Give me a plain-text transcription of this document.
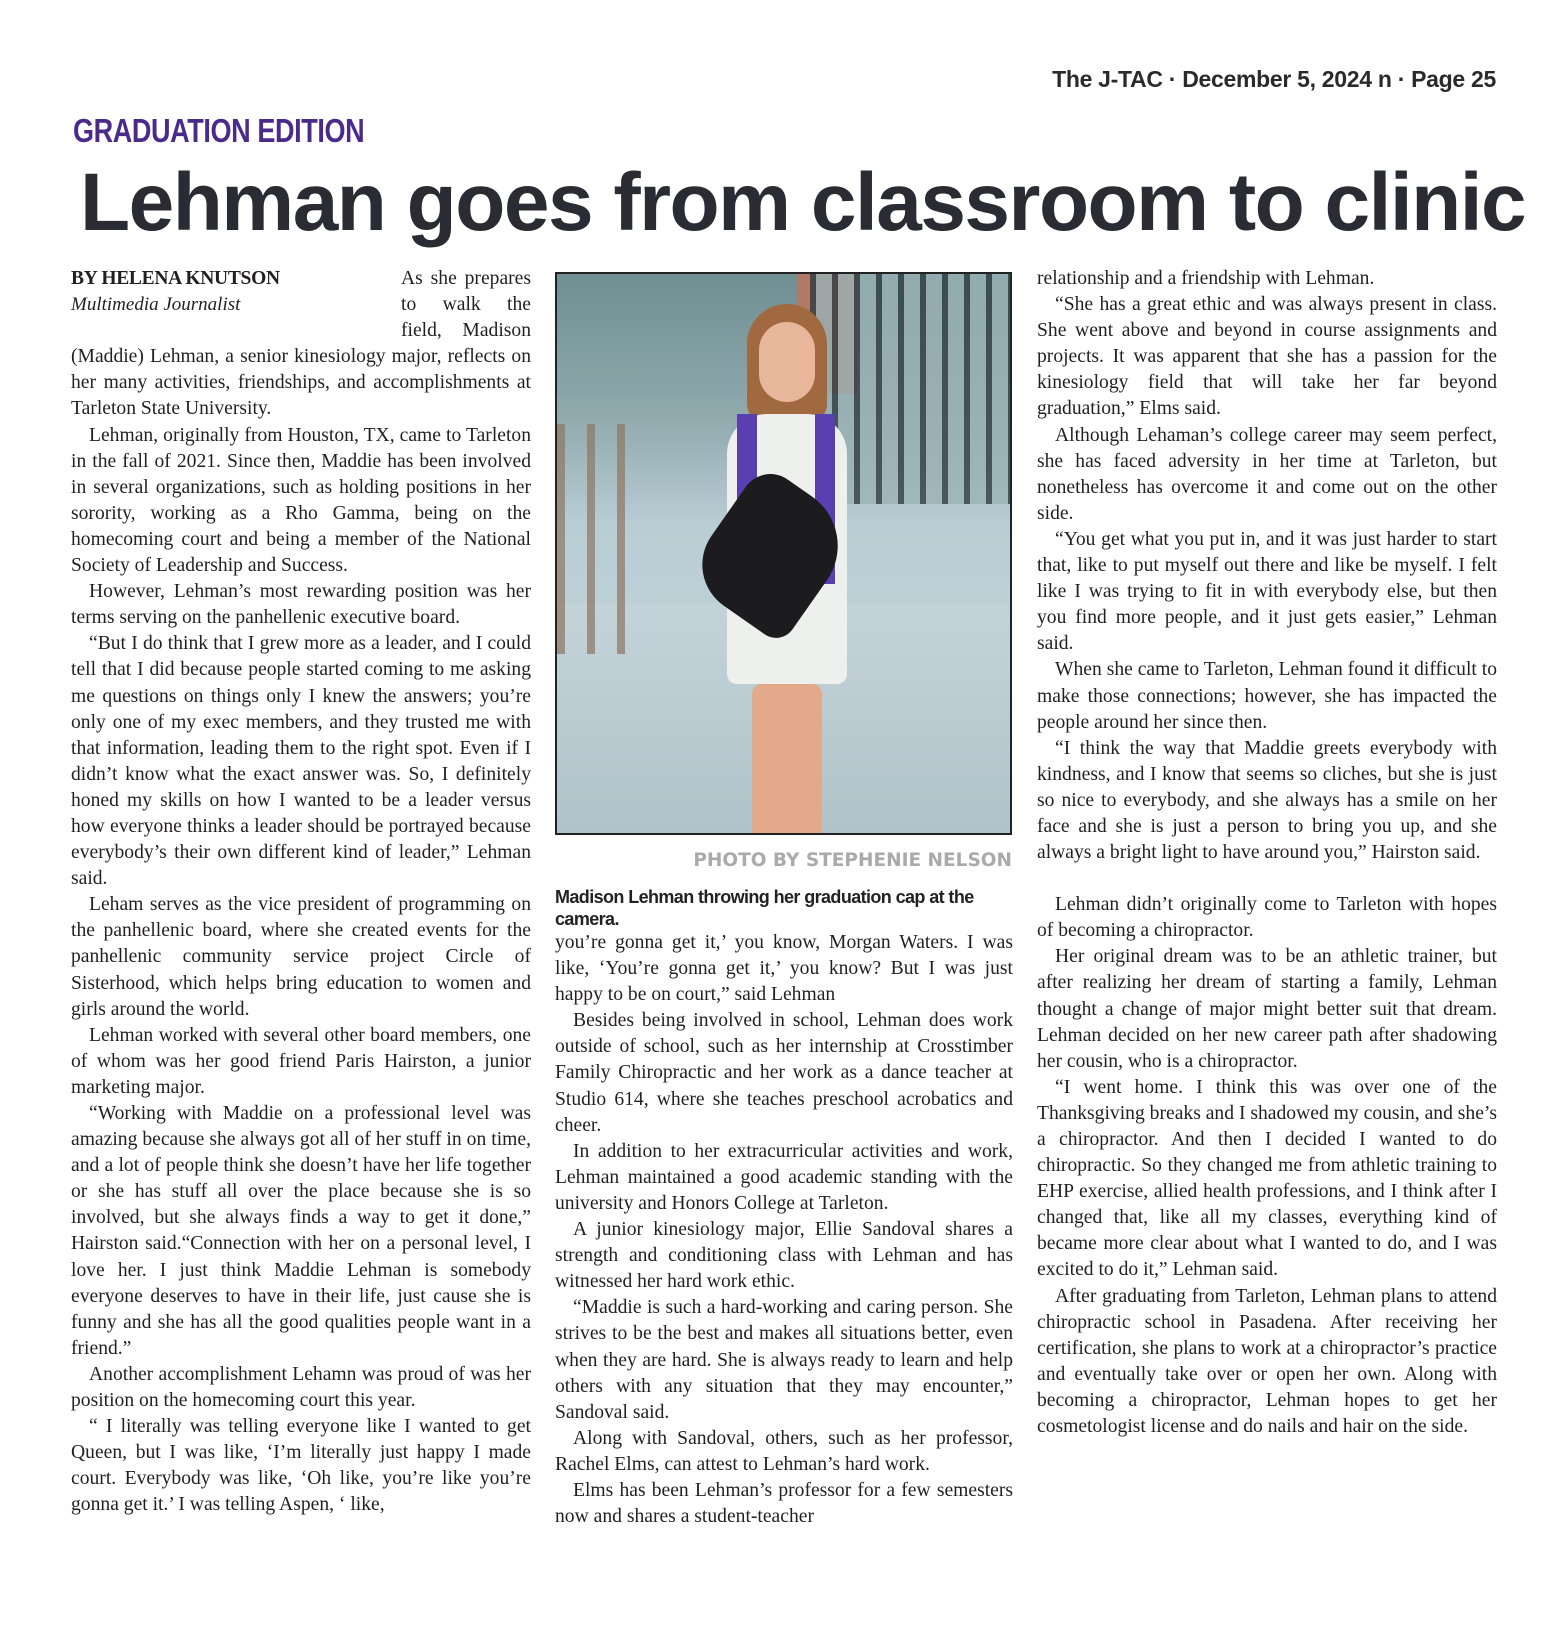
The J-TAC · December 5, 2024 n · Page 25
GRADUATION EDITION
Lehman goes from classroom to clinic
BY HELENA KNUTSON
Multimedia Journalist

As she prepares to walk the field, Madison (Maddie) Lehman, a senior kinesiology major, reflects on her many activities, friendships, and accomplishments at Tarleton State University.

Lehman, originally from Houston, TX, came to Tarleton in the fall of 2021. Since then, Maddie has been involved in several organizations, such as holding positions in her sorority, working as a Rho Gamma, being on the homecoming court and being a member of the National Society of Leadership and Success.

However, Lehman’s most rewarding position was her terms serving on the panhellenic executive board.

“But I do think that I grew more as a leader, and I could tell that I did because people started coming to me asking me questions on things only I knew the answers; you’re only one of my exec members, and they trusted me with that information, leading them to the right spot. Even if I didn’t know what the exact answer was. So, I definitely honed my skills on how I wanted to be a leader versus how everyone thinks a leader should be portrayed because everybody’s their own different kind of leader,” Lehman said.

Leham serves as the vice president of programming on the panhellenic board, where she created events for the panhellenic community service project Circle of Sisterhood, which helps bring education to women and girls around the world.

Lehman worked with several other board members, one of whom was her good friend Paris Hairston, a junior marketing major.

“Working with Maddie on a professional level was amazing because she always got all of her stuff in on time, and a lot of people think she doesn’t have her life together or she has stuff all over the place because she is so involved, but she always finds a way to get it done,” Hairston said.“Connection with her on a personal level, I love her. I just think Maddie Lehman is somebody everyone deserves to have in their life, just cause she is funny and she has all the good qualities people want in a friend.”

Another accomplishment Lehamn was proud of was her position on the homecoming court this year.

“ I literally was telling everyone like I wanted to get Queen, but I was like, ‘I’m literally just happy I made court. Everybody was like, ‘Oh like, you’re like you’re gonna get it.’ I was telling Aspen, ‘ like,

PHOTO BY STEPHENIE NELSON
Madison Lehman throwing her graduation cap at the camera.

you’re gonna get it,’ you know, Morgan Waters. I was like, ‘You’re gonna get it,’ you know? But I was just happy to be on court,” said Lehman

Besides being involved in school, Lehman does work outside of school, such as her internship at Crosstimber Family Chiropractic and her work as a dance teacher at Studio 614, where she teaches preschool acrobatics and cheer.

In addition to her extracurricular activities and work, Lehman maintained a good academic standing with the university and Honors College at Tarleton.

A junior kinesiology major, Ellie Sandoval shares a strength and conditioning class with Lehman and has witnessed her hard work ethic.

“Maddie is such a hard-working and caring person. She strives to be the best and makes all situations better, even when they are hard. She is always ready to learn and help others with any situation that they may encounter,” Sandoval said.

Along with Sandoval, others, such as her professor, Rachel Elms, can attest to Lehman’s hard work.

Elms has been Lehman’s professor for a few semesters now and shares a student-teacher

relationship and a friendship with Lehman.

“She has a great ethic and was always present in class. She went above and beyond in course assignments and projects. It was apparent that she has a passion for the kinesiology field that will take her far beyond graduation,” Elms said.

Although Lehaman’s college career may seem perfect, she has faced adversity in her time at Tarleton, but nonetheless has overcome it and come out on the other side.

“You get what you put in, and it was just harder to start that, like to put myself out there and like be myself. I felt like I was trying to fit in with everybody else, but then you find more people, and it just gets easier,” Lehman said.

When she came to Tarleton, Lehman found it difficult to make those connections; however, she has impacted the people around her since then.

“I think the way that Maddie greets everybody with kindness, and I know that seems so cliches, but she is just so nice to everybody, and she always has a smile on her face and she is just a person to bring you up, and she always a bright light to have around you,” Hairston said.

Lehman didn’t originally come to Tarleton with hopes of becoming a chiropractor.

Her original dream was to be an athletic trainer, but after realizing her dream of starting a family, Lehman thought a change of major might better suit that dream. Lehman decided on her new career path after shadowing her cousin, who is a chiropractor.

“I went home. I think this was over one of the Thanksgiving breaks and I shadowed my cousin, and she’s a chiropractor. And then I decided I wanted to do chiropractic. So they changed me from athletic training to EHP exercise, allied health professions, and I think after I changed that, like all my classes, everything kind of became more clear about what I wanted to do, and I was excited to do it,” Lehman said.

After graduating from Tarleton, Lehman plans to attend chiropractic school in Pasadena. After receiving her certification, she plans to work at a chiropractor’s practice and eventually take over or open her own. Along with becoming a chiropractor, Lehman hopes to get her cosmetologist license and do nails and hair on the side.
